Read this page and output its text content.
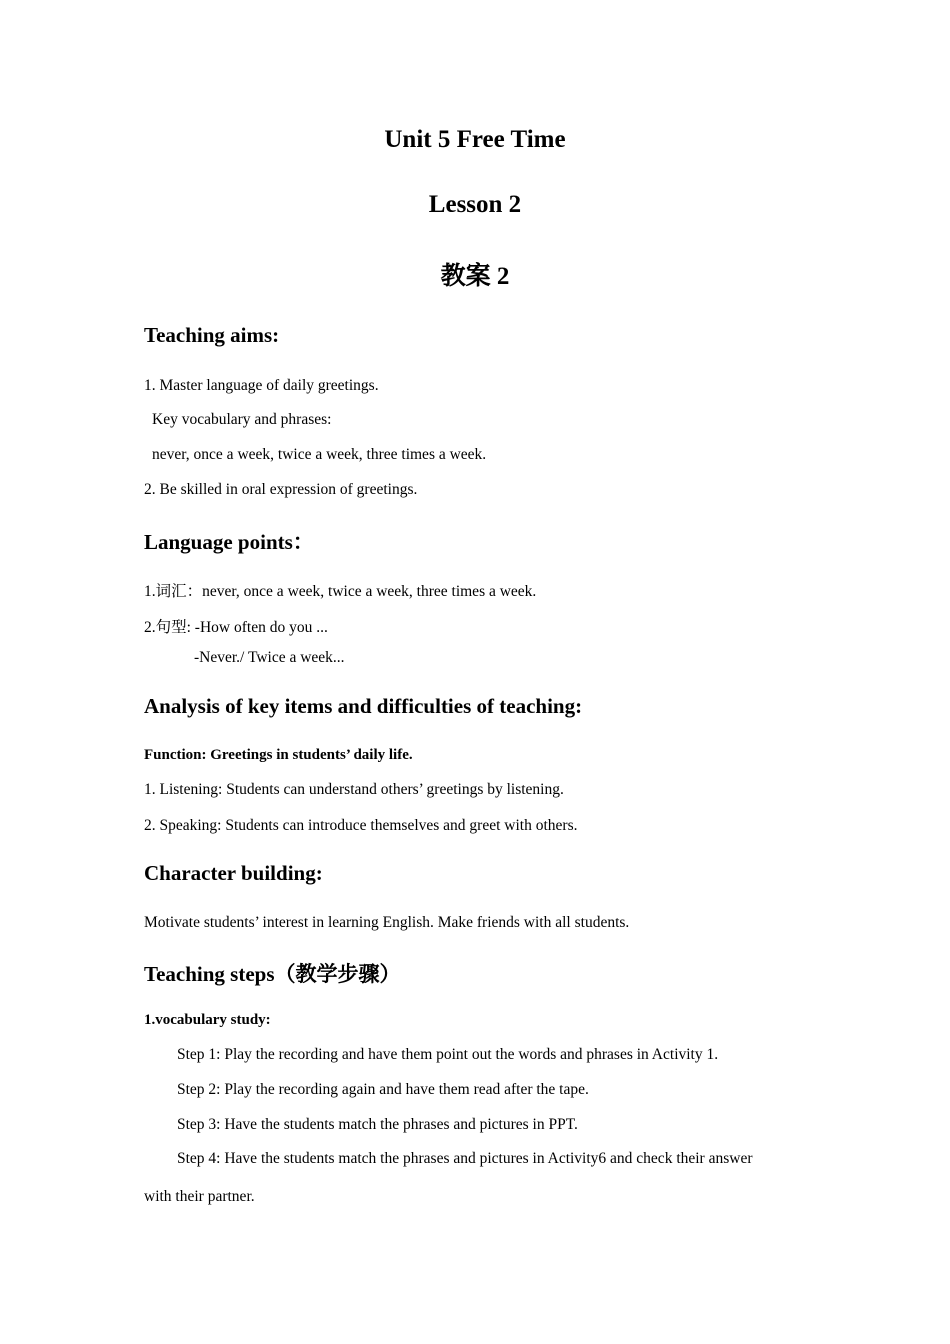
Unit 5 Free Time
Lesson 2
教案 2
Teaching aims:
1. Master language of daily greetings.
Key vocabulary and phrases:
never, once a week, twice a week, three times a week.
2. Be skilled in oral expression of greetings.
Language points：
1.词汇：never, once a week, twice a week, three times a week.
2.句型: -How often do you ...
-Never./ Twice a week...
Analysis of key items and difficulties of teaching:
Function: Greetings in students’ daily life.
1. Listening: Students can understand others’ greetings by listening.
2. Speaking: Students can introduce themselves and greet with others.
Character building:
Motivate students’ interest in learning English. Make friends with all students.
Teaching steps（教学步骤）
1.vocabulary study:
Step 1: Play the recording and have them point out the words and phrases in Activity 1.
Step 2: Play the recording again and have them read after the tape.
Step 3: Have the students match the phrases and pictures in PPT.
Step 4: Have the students match the phrases and pictures in Activity6 and check their answer
with their partner.
